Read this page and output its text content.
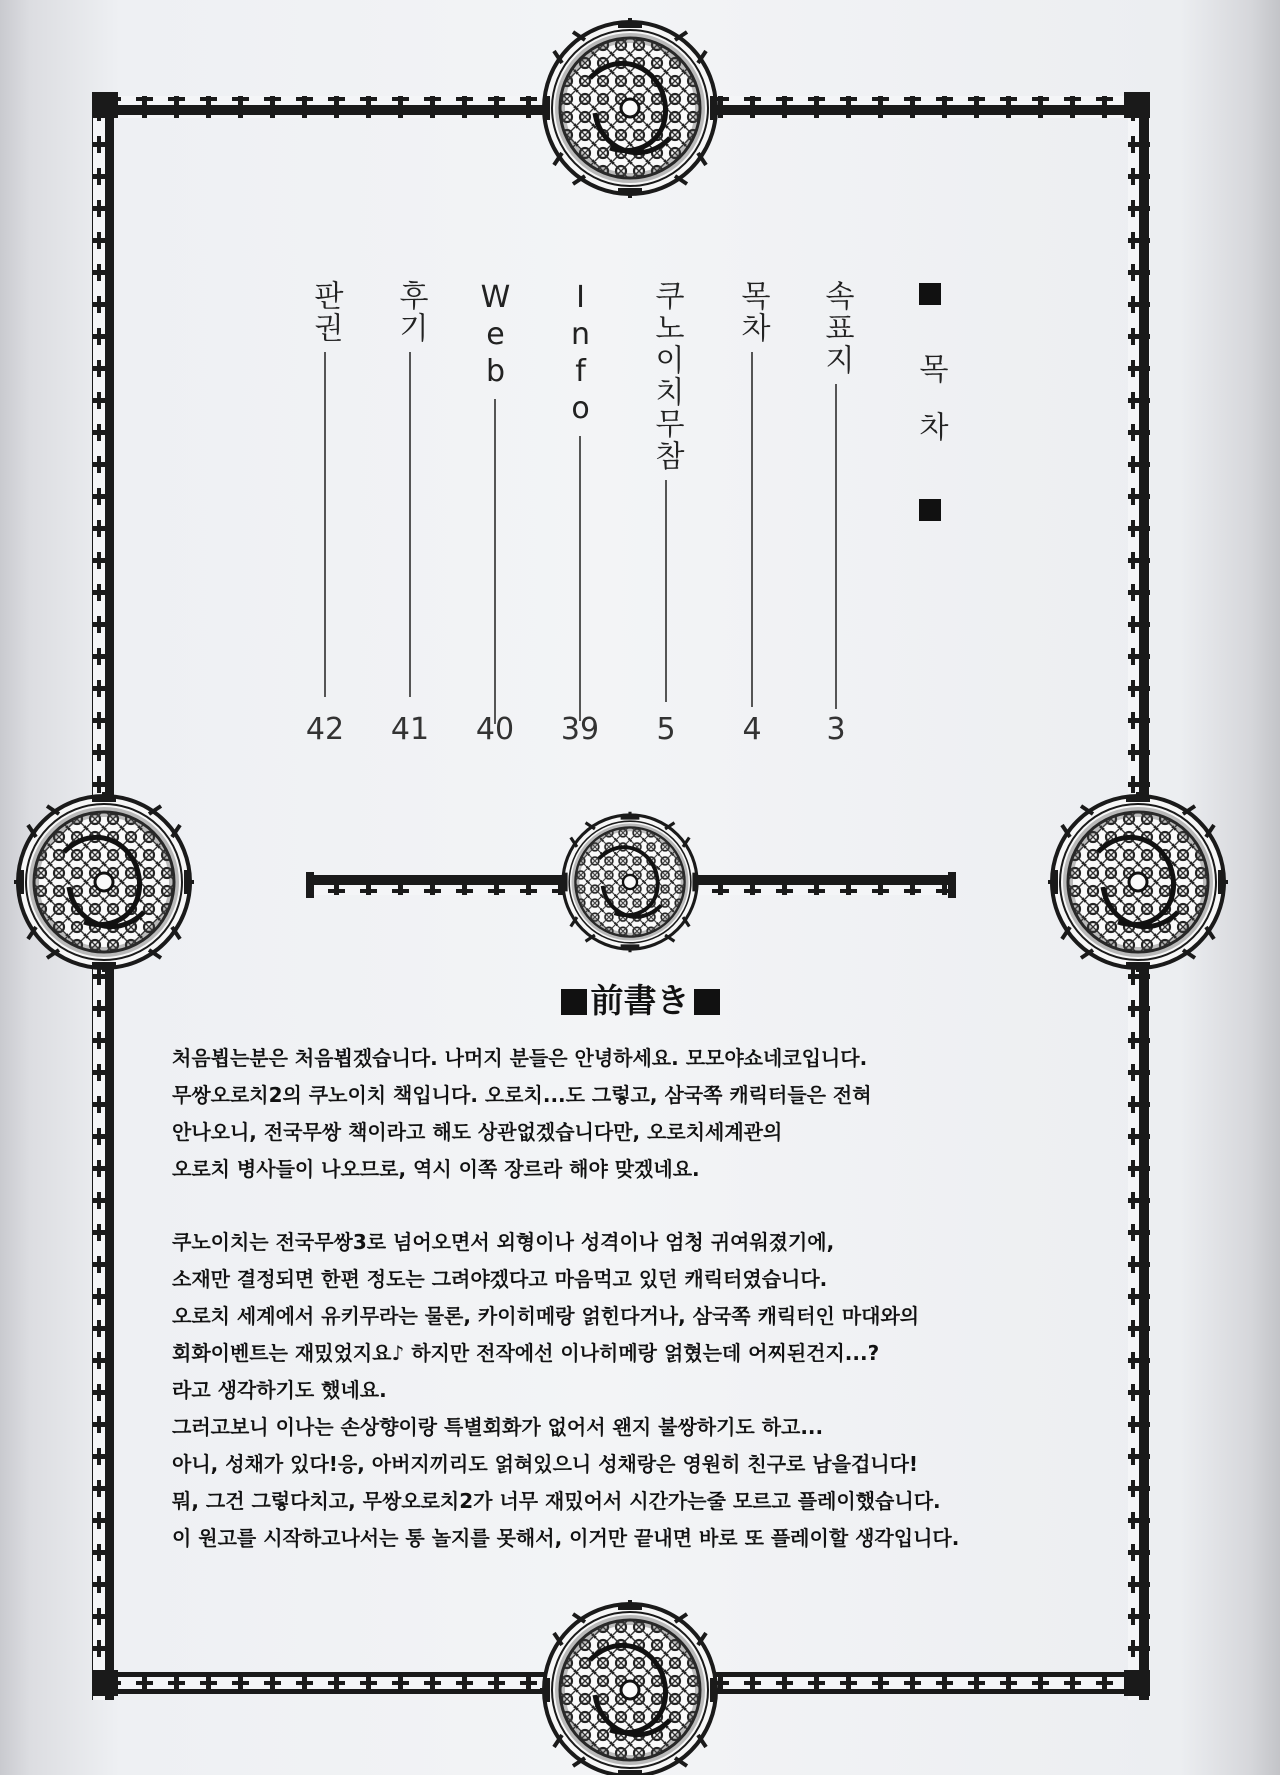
목차
속표지
목차
쿠노이치무참
Info
Web
후기
판권
3
4
5
39
40
41
42
前書き

처음뵙는분은 처음뵙겠습니다. 나머지 분들은 안녕하세요. 모모야쇼네코입니다.

무쌍오로치2의 쿠노이치 책입니다. 오로치...도 그렇고, 삼국쪽 캐릭터들은 전혀

안나오니, 전국무쌍 책이라고 해도 상관없겠습니다만, 오로치세계관의

오로치 병사들이 나오므로, 역시 이쪽 장르라 해야 맞겠네요.

쿠노이치는 전국무쌍3로 넘어오면서 외형이나 성격이나 엄청 귀여워졌기에,

소재만 결정되면 한편 정도는 그려야겠다고 마음먹고 있던 캐릭터였습니다.

오로치 세계에서 유키무라는 물론, 카이히메랑 얽힌다거나, 삼국쪽 캐릭터인 마대와의

회화이벤트는 재밌었지요♪ 하지만 전작에선 이나히메랑 얽혔는데 어찌된건지...?

라고 생각하기도 했네요.

그러고보니 이나는 손상향이랑 특별회화가 없어서 왠지 불쌍하기도 하고...

아니, 성채가 있다!응, 아버지끼리도 얽혀있으니 성채랑은 영원히 친구로 남을겁니다!

뭐, 그건 그렇다치고, 무쌍오로치2가 너무 재밌어서 시간가는줄 모르고 플레이했습니다.

이 원고를 시작하고나서는 통 놀지를 못해서, 이거만 끝내면 바로 또 플레이할 생각입니다.
